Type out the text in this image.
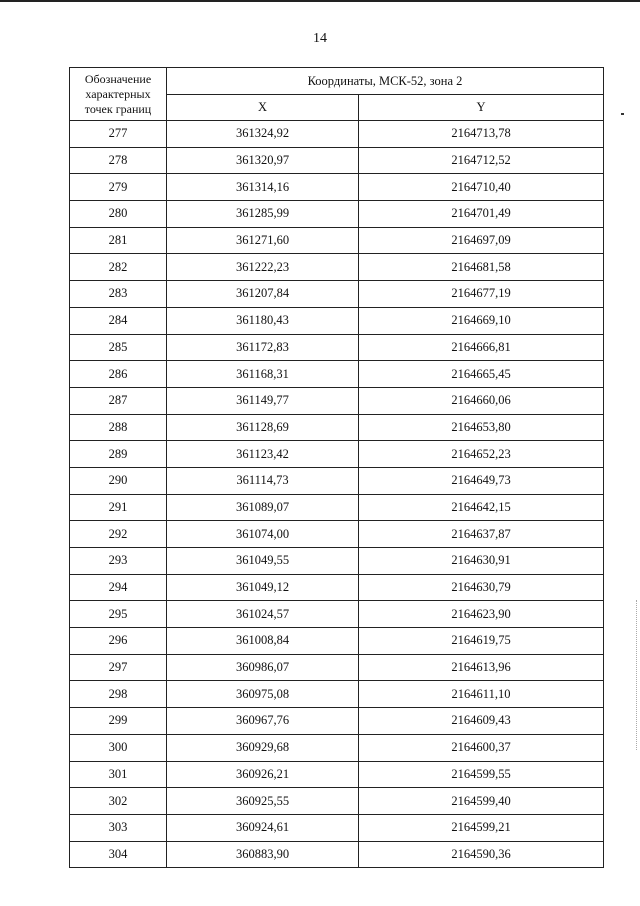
14
Обозначение характерных точек границ	Координаты, МСК-52, зона 2	
	X	Y
277	361324,92	2164713,78
278	361320,97	2164712,52
279	361314,16	2164710,40
280	361285,99	2164701,49
281	361271,60	2164697,09
282	361222,23	2164681,58
283	361207,84	2164677,19
284	361180,43	2164669,10
285	361172,83	2164666,81
286	361168,31	2164665,45
287	361149,77	2164660,06
288	361128,69	2164653,80
289	361123,42	2164652,23
290	361114,73	2164649,73
291	361089,07	2164642,15
292	361074,00	2164637,87
293	361049,55	2164630,91
294	361049,12	2164630,79
295	361024,57	2164623,90
296	361008,84	2164619,75
297	360986,07	2164613,96
298	360975,08	2164611,10
299	360967,76	2164609,43
300	360929,68	2164600,37
301	360926,21	2164599,55
302	360925,55	2164599,40
303	360924,61	2164599,21
304	360883,90	2164590,36
